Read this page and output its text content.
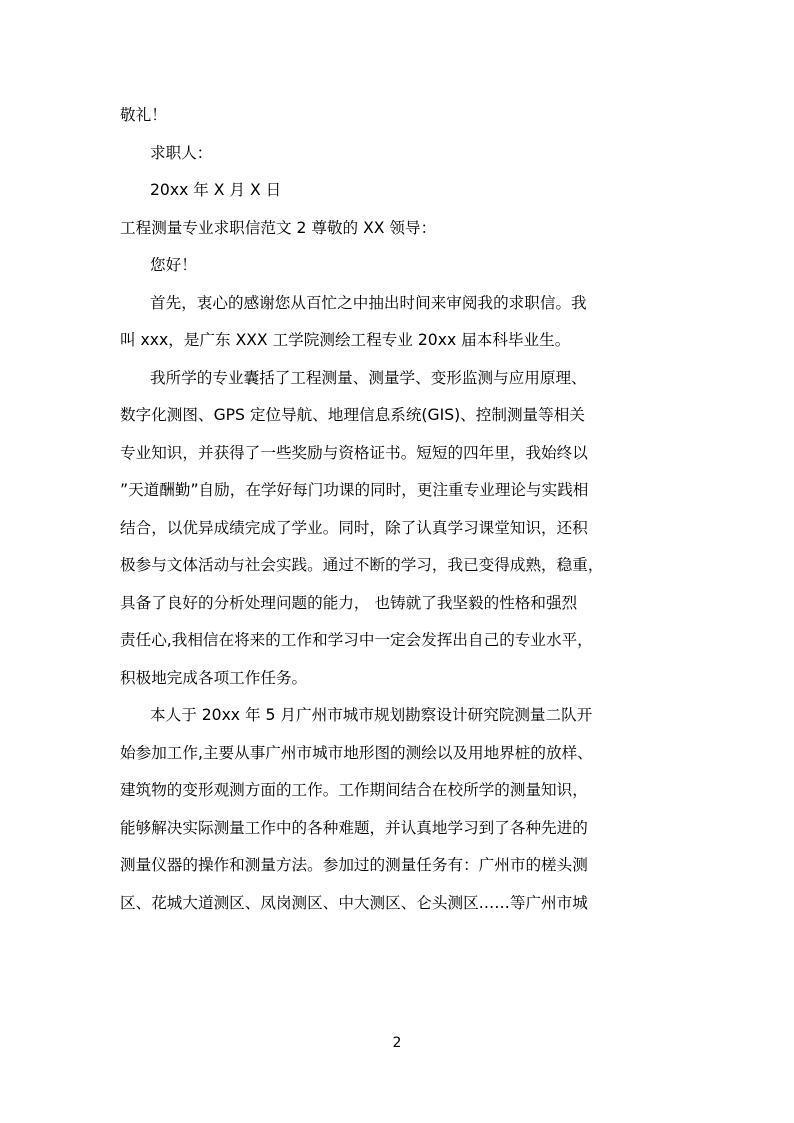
敬礼！
求职人：
20xx 年 X 月 X 日
工程测量专业求职信范文 2 尊敬的 XX 领导：
您好！
首先，衷心的感谢您从百忙之中抽出时间来审阅我的求职信。我
叫 xxx，是广东 XXX 工学院测绘工程专业 20xx 届本科毕业生。
我所学的专业囊括了工程测量、测量学、变形监测与应用原理、
数字化测图、GPS 定位导航、地理信息系统(GIS)、控制测量等相关
专业知识，并获得了一些奖励与资格证书。短短的四年里，我始终以
”天道酬勤”自励，在学好每门功课的同时，更注重专业理论与实践相
结合，以优异成绩完成了学业。同时，除了认真学习课堂知识，还积
极参与文体活动与社会实践。通过不断的学习，我已变得成熟，稳重，
具备了良好的分析处理问题的能力， 也铸就了我坚毅的性格和强烈
责任心,我相信在将来的工作和学习中一定会发挥出自己的专业水平，
积极地完成各项工作任务。
本人于 20xx 年 5 月广州市城市规划勘察设计研究院测量二队开
始参加工作,主要从事广州市城市地形图的测绘以及用地界桩的放样、
建筑物的变形观测方面的工作。工作期间结合在校所学的测量知识，
能够解决实际测量工作中的各种难题，并认真地学习到了各种先进的
测量仪器的操作和测量方法。参加过的测量任务有：广州市的槎头测
区、花城大道测区、凤岗测区、中大测区、仑头测区……等广州市城
2
